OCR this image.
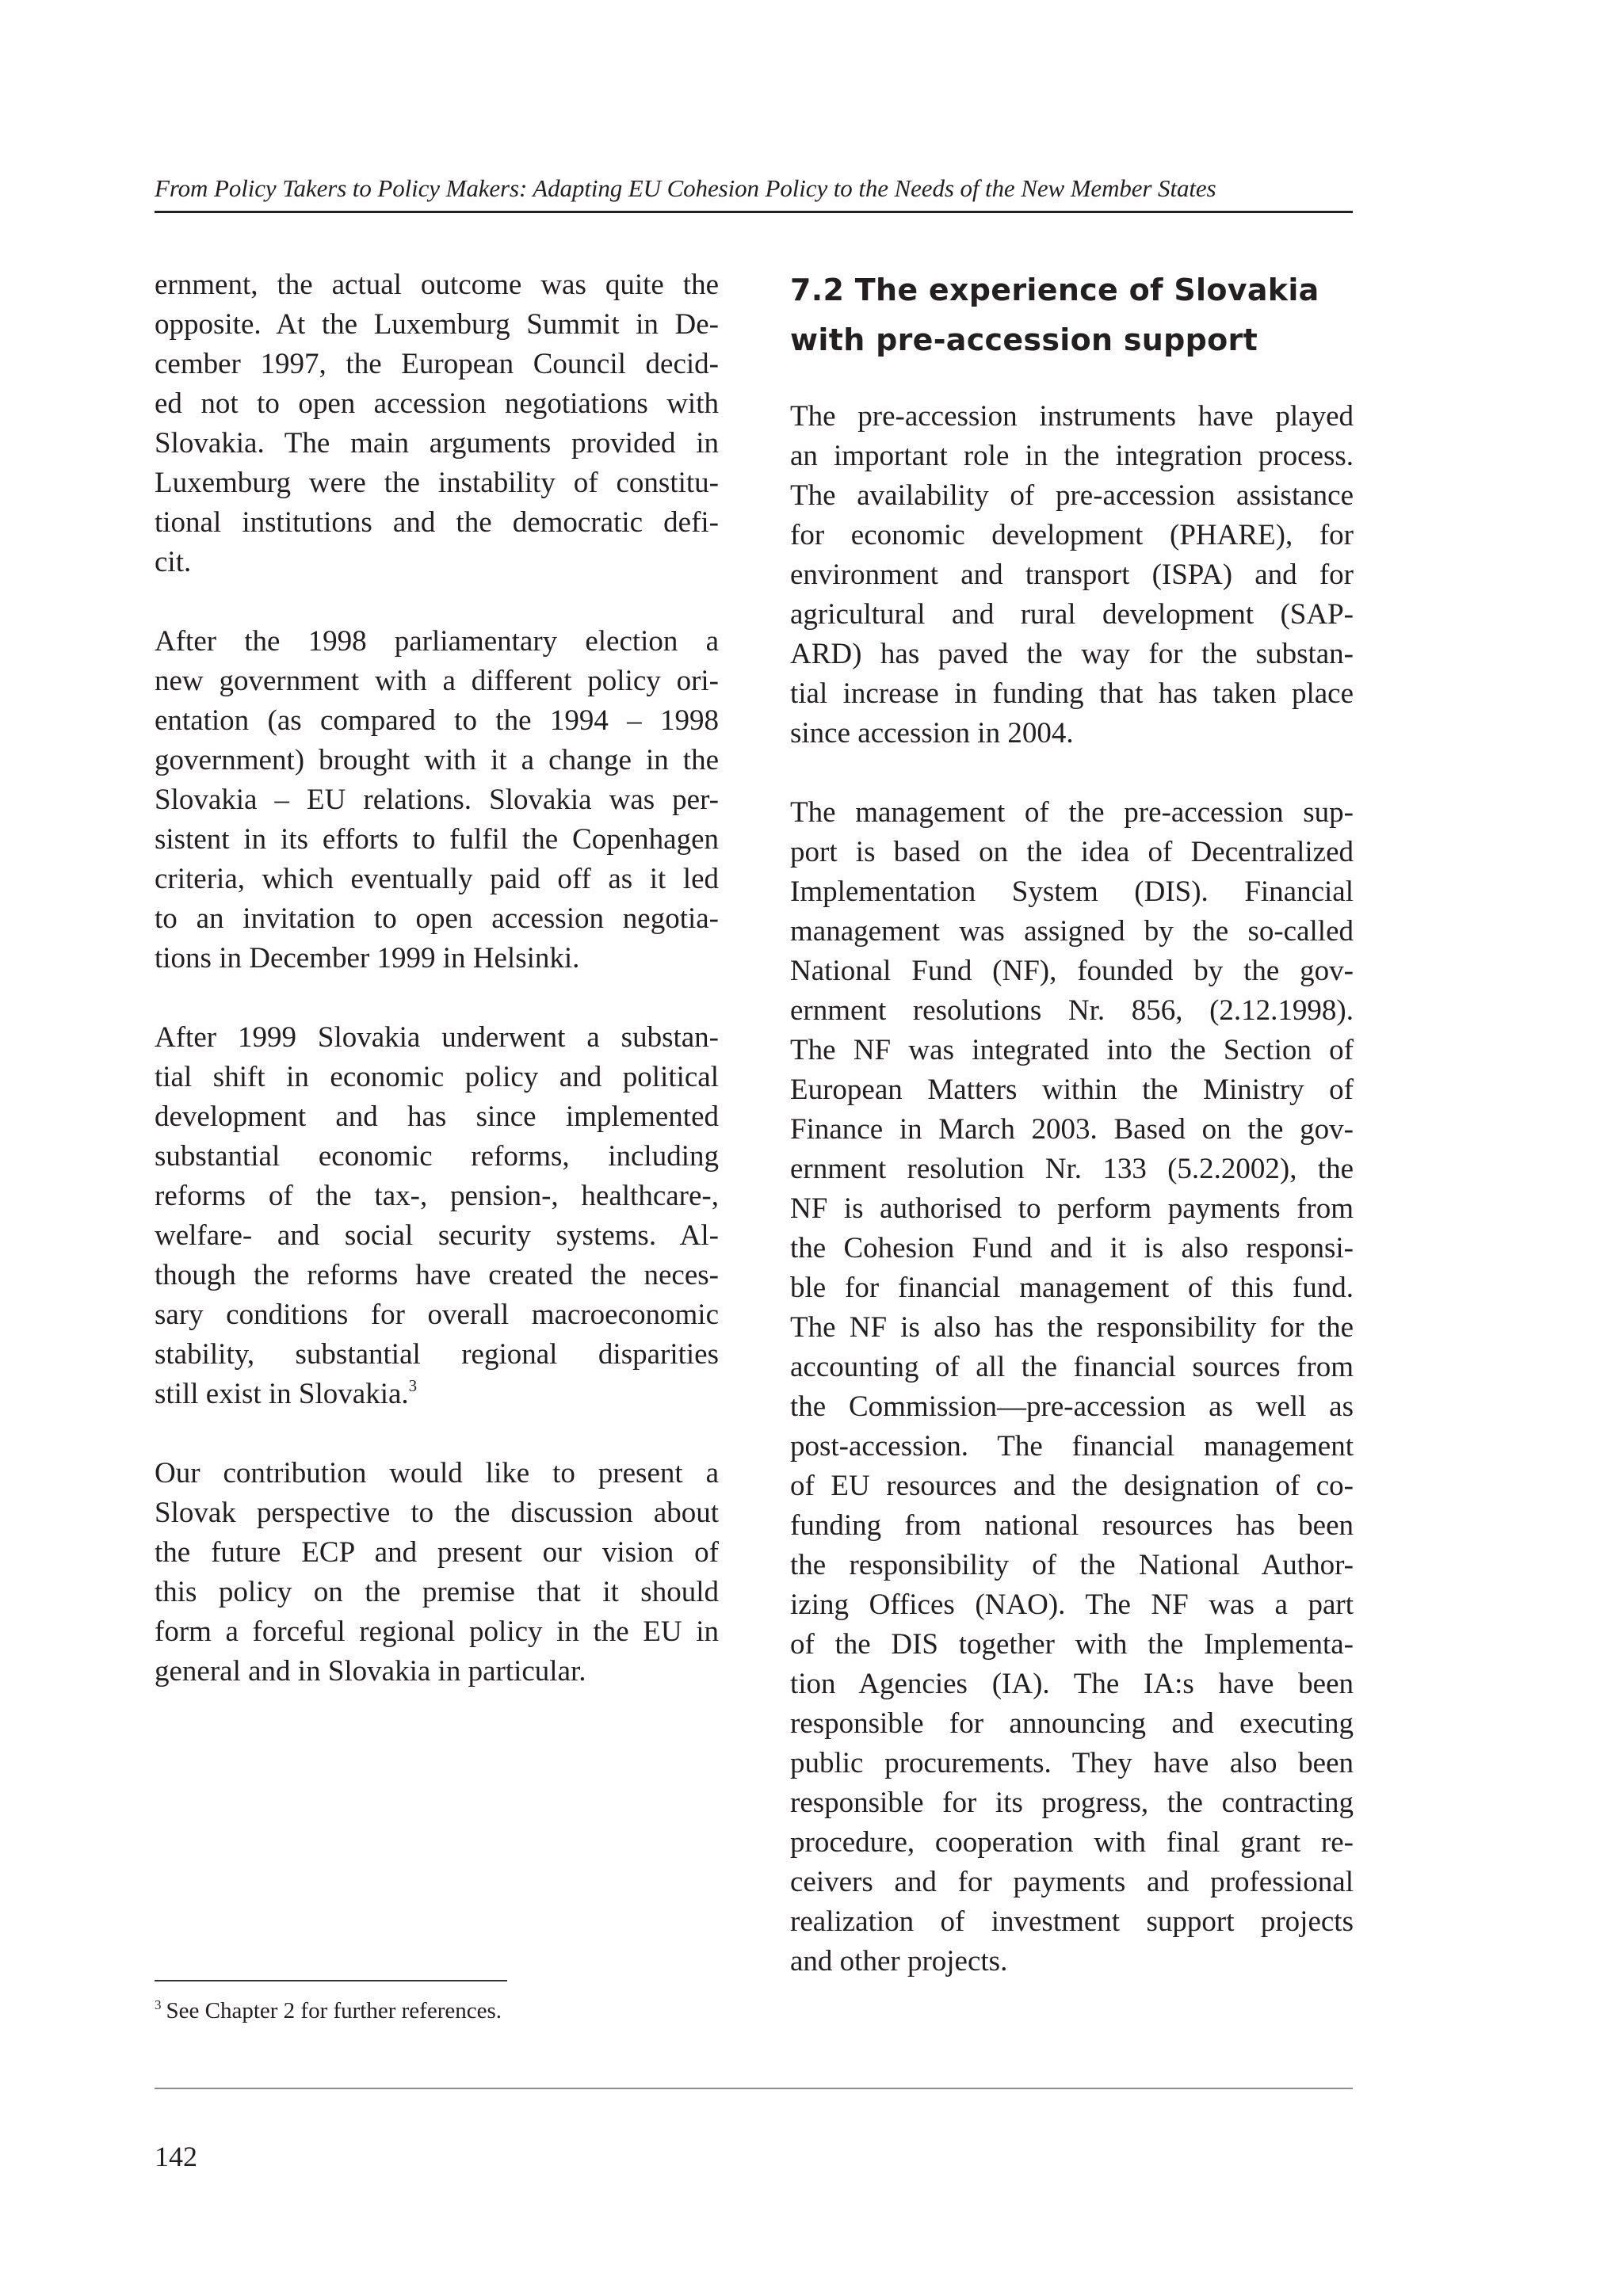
From Policy Takers to Policy Makers: Adapting EU Cohesion Policy to the Needs of the New Member States
ernment, the actual outcome was quite the
opposite. At the Luxemburg Summit in De-
cember 1997, the European Council decid-
ed not to open accession negotiations with
Slovakia. The main arguments provided in
Luxemburg were the instability of constitu-
tional institutions and the democratic defi-
cit.
After the 1998 parliamentary election a
new government with a different policy ori-
entation (as compared to the 1994 – 1998
government) brought with it a change in the
Slovakia – EU relations. Slovakia was per-
sistent in its efforts to fulfil the Copenhagen
criteria, which eventually paid off as it led
to an invitation to open accession negotia-
tions in December 1999 in Helsinki.
After 1999 Slovakia underwent a substan-
tial shift in economic policy and political
development and has since implemented
substantial economic reforms, including
reforms of the tax-, pension-, healthcare-,
welfare- and social security systems. Al-
though the reforms have created the neces-
sary conditions for overall macroeconomic
stability, substantial regional disparities
still exist in Slovakia.$^3$
Our contribution would like to present a
Slovak perspective to the discussion about
the future ECP and present our vision of
this policy on the premise that it should
form a forceful regional policy in the EU in
general and in Slovakia in particular.
7.2 The experience of Slovakia
with pre-accession support
The pre-accession instruments have played
an important role in the integration process.
The availability of pre-accession assistance
for economic development (PHARE), for
environment and transport (ISPA) and for
agricultural and rural development (SAP-
ARD) has paved the way for the substan-
tial increase in funding that has taken place
since accession in 2004.
The management of the pre-accession sup-
port is based on the idea of Decentralized
Implementation System (DIS). Financial
management was assigned by the so-called
National Fund (NF), founded by the gov-
ernment resolutions Nr. 856, (2.12.1998).
The NF was integrated into the Section of
European Matters within the Ministry of
Finance in March 2003. Based on the gov-
ernment resolution Nr. 133 (5.2.2002), the
NF is authorised to perform payments from
the Cohesion Fund and it is also responsi-
ble for financial management of this fund.
The NF is also has the responsibility for the
accounting of all the financial sources from
the Commission—pre-accession as well as
post-accession. The financial management
of EU resources and the designation of co-
funding from national resources has been
the responsibility of the National Author-
izing Offices (NAO). The NF was a part
of the DIS together with the Implementa-
tion Agencies (IA). The IA:s have been
responsible for announcing and executing
public procurements. They have also been
responsible for its progress, the contracting
procedure, cooperation with final grant re-
ceivers and for payments and professional
realization of investment support projects
and other projects.
$^3$ See Chapter 2 for further references.
142
